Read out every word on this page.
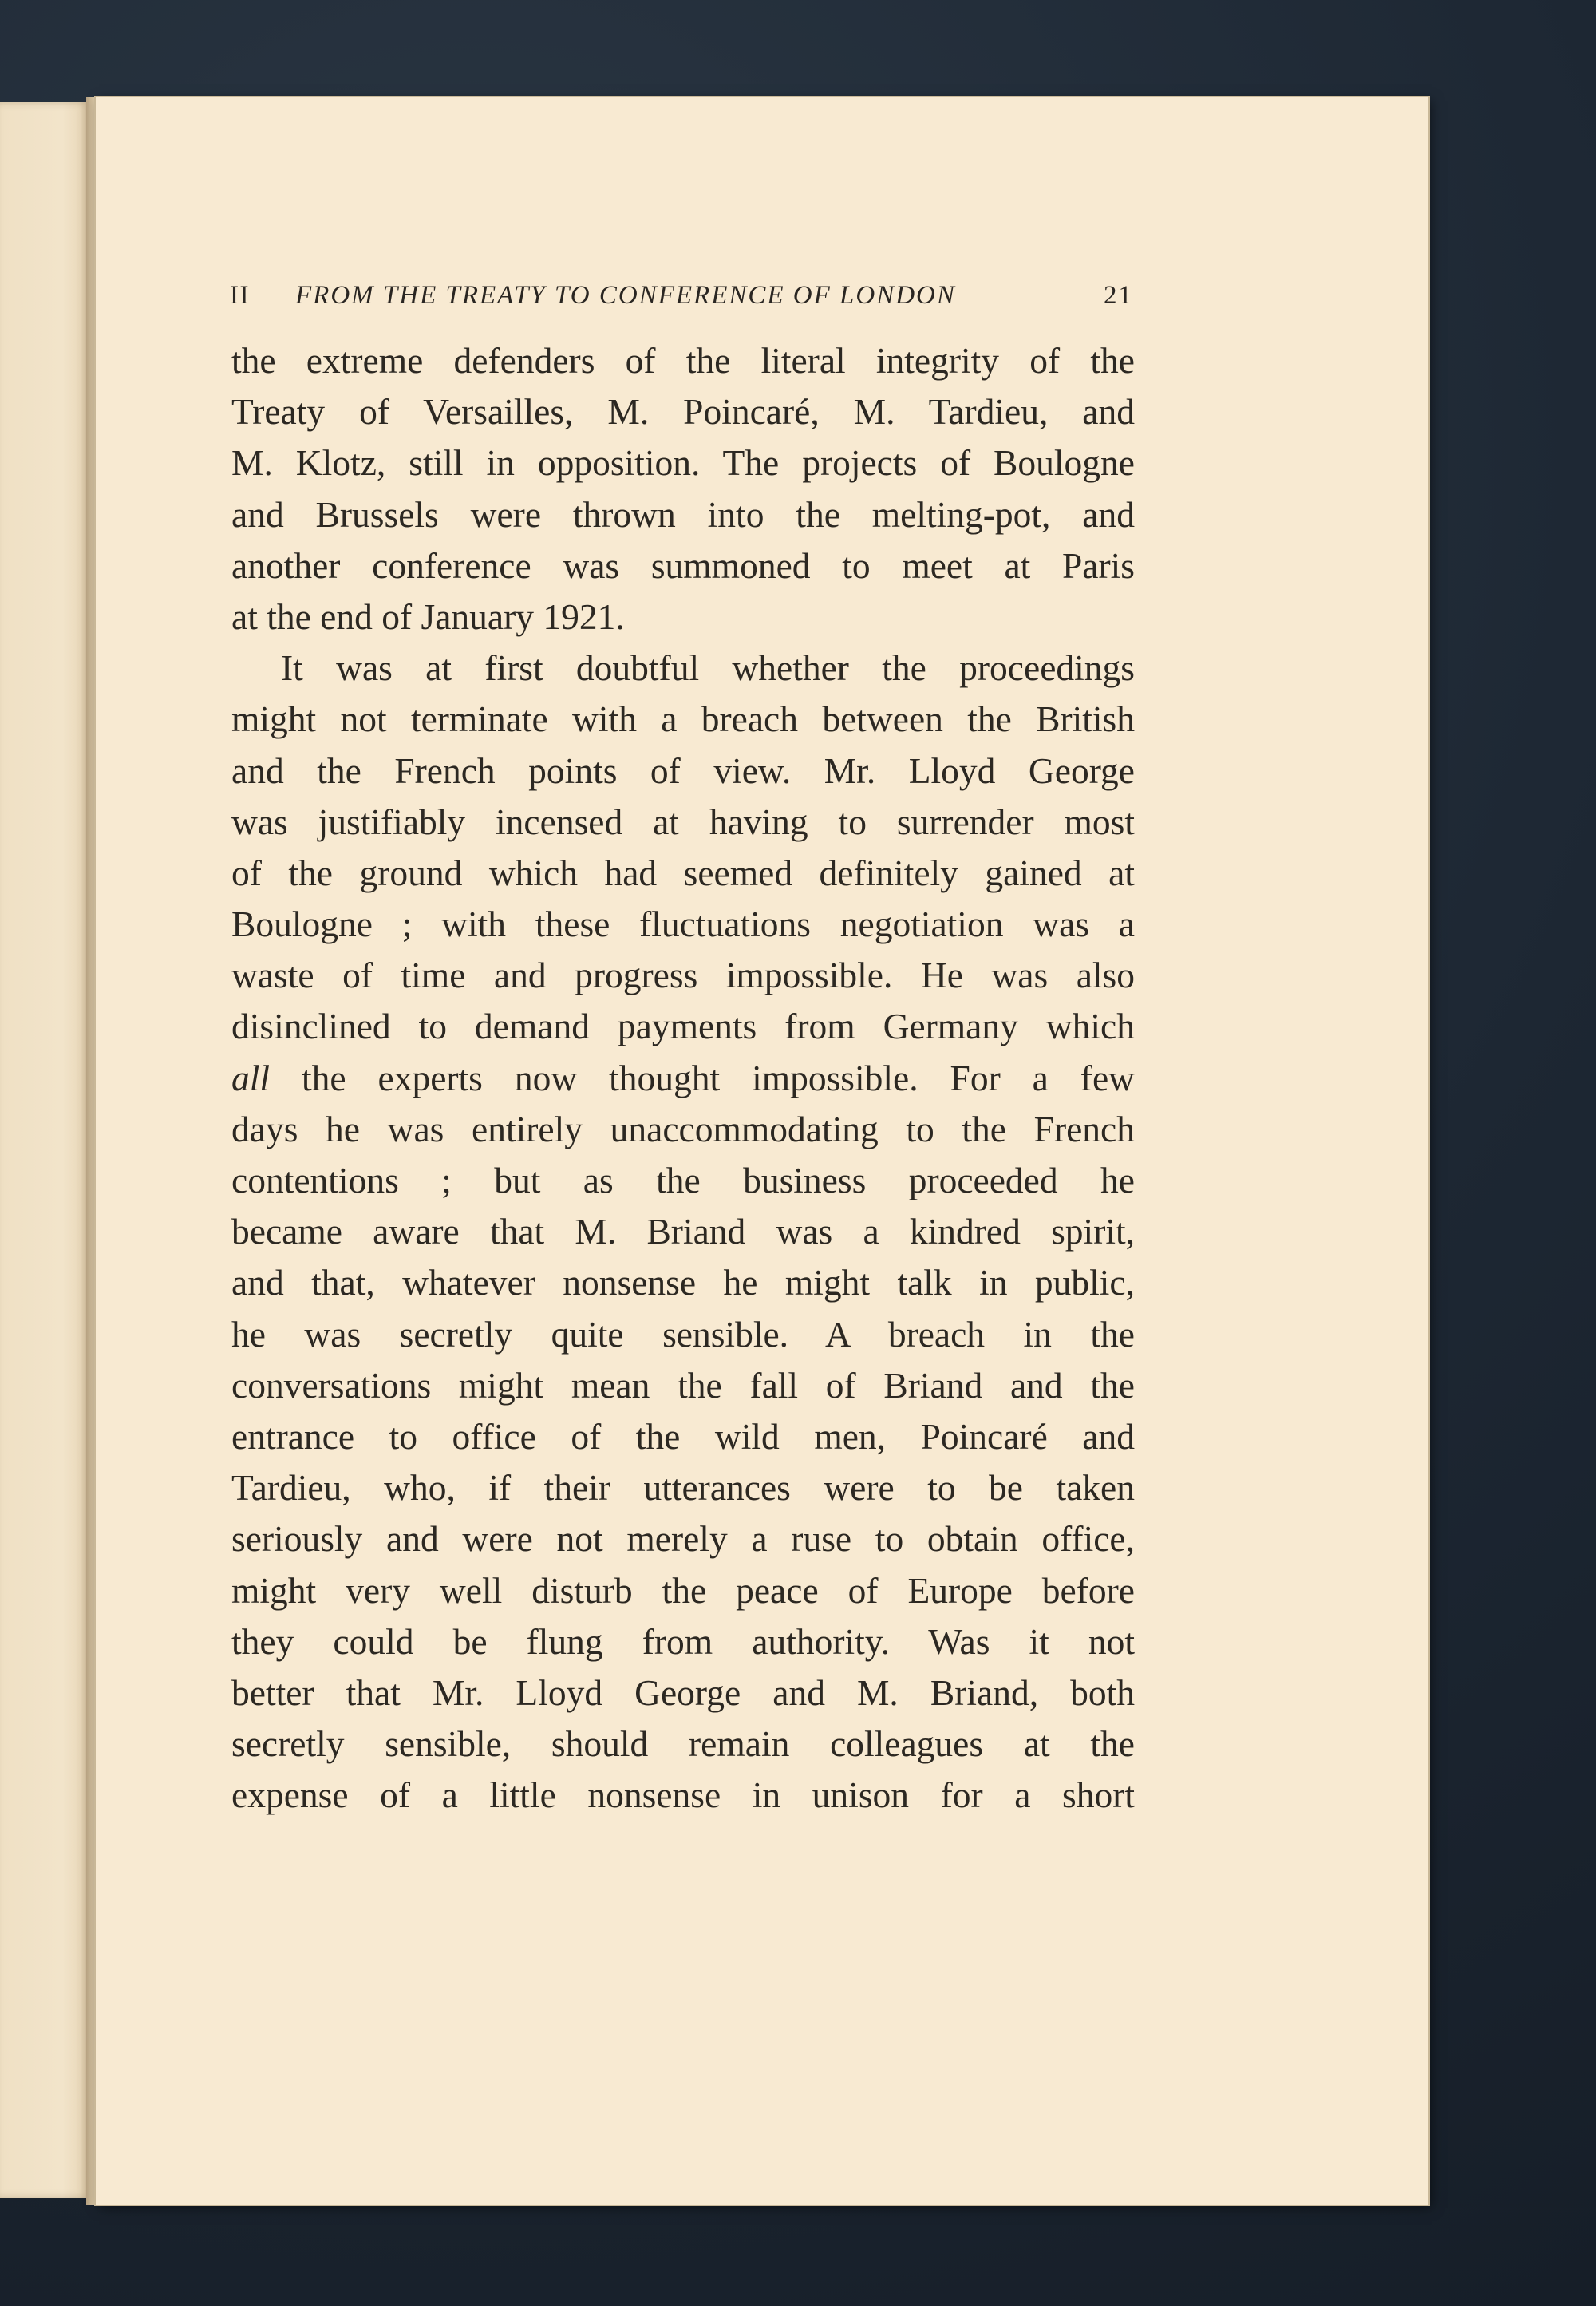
II FROM THE TREATY TO CONFERENCE OF LONDON	21
the extreme defenders of the literal integrity of the
Treaty of Versailles, M. Poincaré, M. Tardieu, and
M. Klotz, still in opposition. The projects of Boulogne
and Brussels were thrown into the melting-pot, and
another conference was summoned to meet at Paris
at the end of January 1921.
It was at first doubtful whether the proceedings
might not terminate with a breach between the British
and the French points of view. Mr. Lloyd George
was justifiably incensed at having to surrender most
of the ground which had seemed definitely gained at
Boulogne ; with these fluctuations negotiation was a
waste of time and progress impossible. He was also
disinclined to demand payments from Germany which
all the experts now thought impossible. For a few
days he was entirely unaccommodating to the French
contentions ; but as the business proceeded he
became aware that M. Briand was a kindred spirit,
and that, whatever nonsense he might talk in public,
he was secretly quite sensible. A breach in the
conversations might mean the fall of Briand and the
entrance to office of the wild men, Poincaré and
Tardieu, who, if their utterances were to be taken
seriously and were not merely a ruse to obtain office,
might very well disturb the peace of Europe before
they could be flung from authority. Was it not
better that Mr. Lloyd George and M. Briand, both
secretly sensible, should remain colleagues at the
expense of a little nonsense in unison for a short
